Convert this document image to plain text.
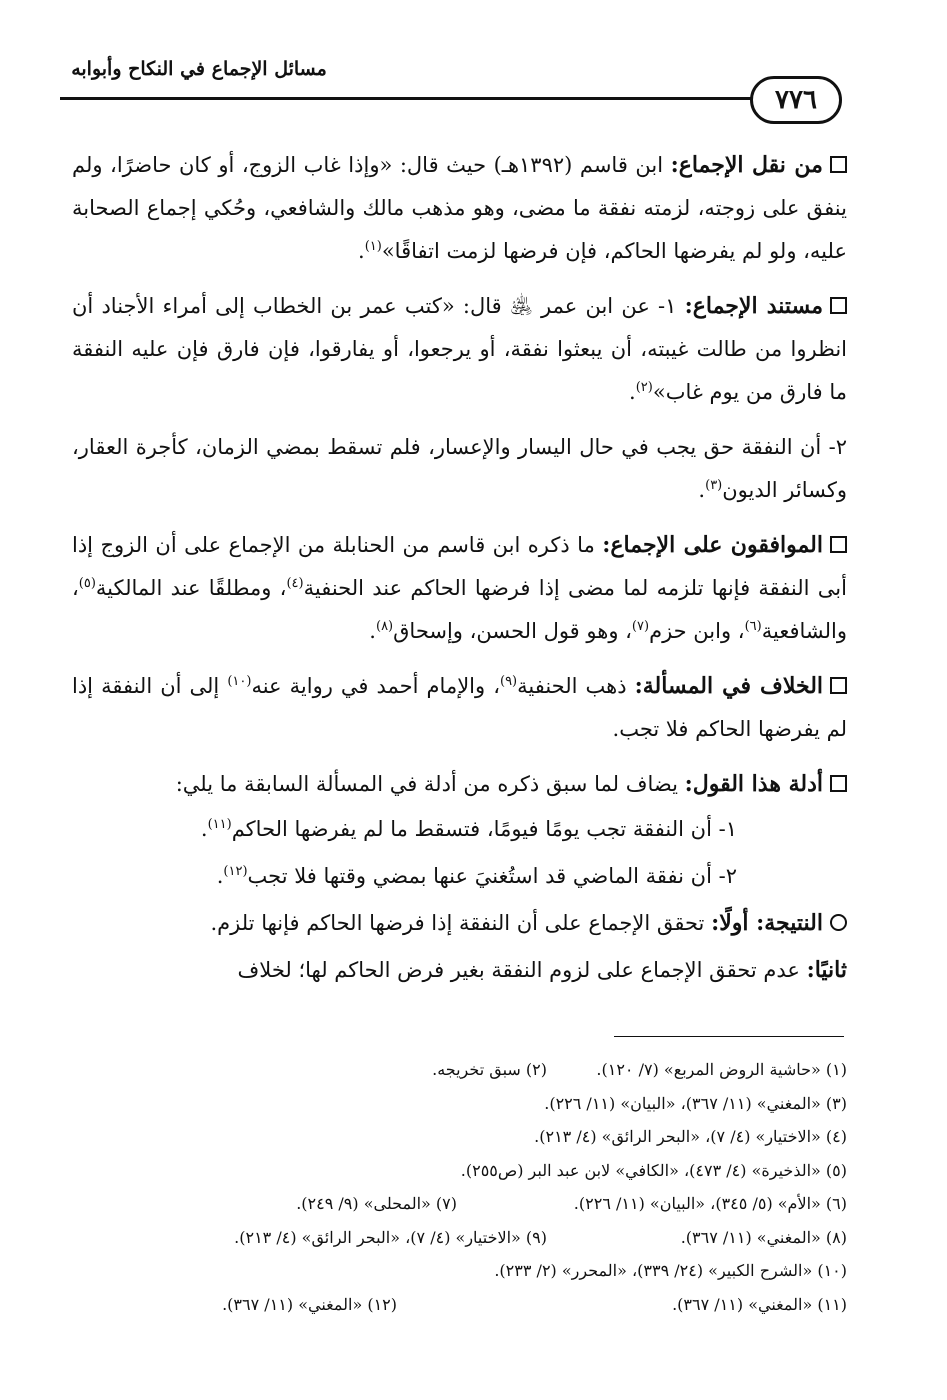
مسائل الإجماع في النكاح وأبوابه
٧٧٦

من نقل الإجماع: ابن قاسم (١٣٩٢هـ) حيث قال: «وإذا غاب الزوج، أو كان حاضرًا، ولم ينفق على زوجته، لزمته نفقة ما مضى، وهو مذهب مالك والشافعي، وحُكي إجماع الصحابة عليه، ولو لم يفرضها الحاكم، فإن فرضها لزمت اتفاقًا»$^{(١)}$.

مستند الإجماع: ١- عن ابن عمر ﵁ قال: «كتب عمر بن الخطاب إلى أمراء الأجناد أن انظروا من طالت غيبته، أن يبعثوا نفقة، أو يرجعوا، أو يفارقوا، فإن فارق فإن عليه النفقة ما فارق من يوم غاب»$^{(٢)}$.

٢- أن النفقة حق يجب في حال اليسار والإعسار، فلم تسقط بمضي الزمان، كأجرة العقار، وكسائر الديون$^{(٣)}$.

الموافقون على الإجماع: ما ذكره ابن قاسم من الحنابلة من الإجماع على أن الزوج إذا أبى النفقة فإنها تلزمه لما مضى إذا فرضها الحاكم عند الحنفية$^{(٤)}$، ومطلقًا عند المالكية$^{(٥)}$، والشافعية$^{(٦)}$، وابن حزم$^{(٧)}$، وهو قول الحسن، وإسحاق$^{(٨)}$.

الخلاف في المسألة: ذهب الحنفية$^{(٩)}$، والإمام أحمد في رواية عنه$^{(١٠)}$ إلى أن النفقة إذا لم يفرضها الحاكم فلا تجب.

أدلة هذا القول: يضاف لما سبق ذكره من أدلة في المسألة السابقة ما يلي:

١- أن النفقة تجب يومًا فيومًا، فتسقط ما لم يفرضها الحاكم$^{(١١)}$.

٢- أن نفقة الماضي قد استُغنيَ عنها بمضي وقتها فلا تجب$^{(١٢)}$.

النتيجة: أولًا: تحقق الإجماع على أن النفقة إذا فرضها الحاكم فإنها تلزم.

ثانيًا: عدم تحقق الإجماع على لزوم النفقة بغير فرض الحاكم لها؛ لخلاف

(١) «حاشية الروض المربع» (٧/ ١٢٠).
(٢) سبق تخريجه.
(٣) «المغني» (١١/ ٣٦٧)، «البيان» (١١/ ٢٢٦).
(٤) «الاختيار» (٤/ ٧)، «البحر الرائق» (٤/ ٢١٣).
(٥) «الذخيرة» (٤/ ٤٧٣)، «الكافي» لابن عبد البر (ص٢٥٥).
(٦) «الأم» (٥/ ٣٤٥)، «البيان» (١١/ ٢٢٦).
(٧) «المحلى» (٩/ ٢٤٩).
(٨) «المغني» (١١/ ٣٦٧).
(٩) «الاختيار» (٤/ ٧)، «البحر الرائق» (٤/ ٢١٣).
(١٠) «الشرح الكبير» (٢٤/ ٣٣٩)، «المحرر» (٢/ ٢٣٣).
(١١) «المغني» (١١/ ٣٦٧).
(١٢) «المغني» (١١/ ٣٦٧).
